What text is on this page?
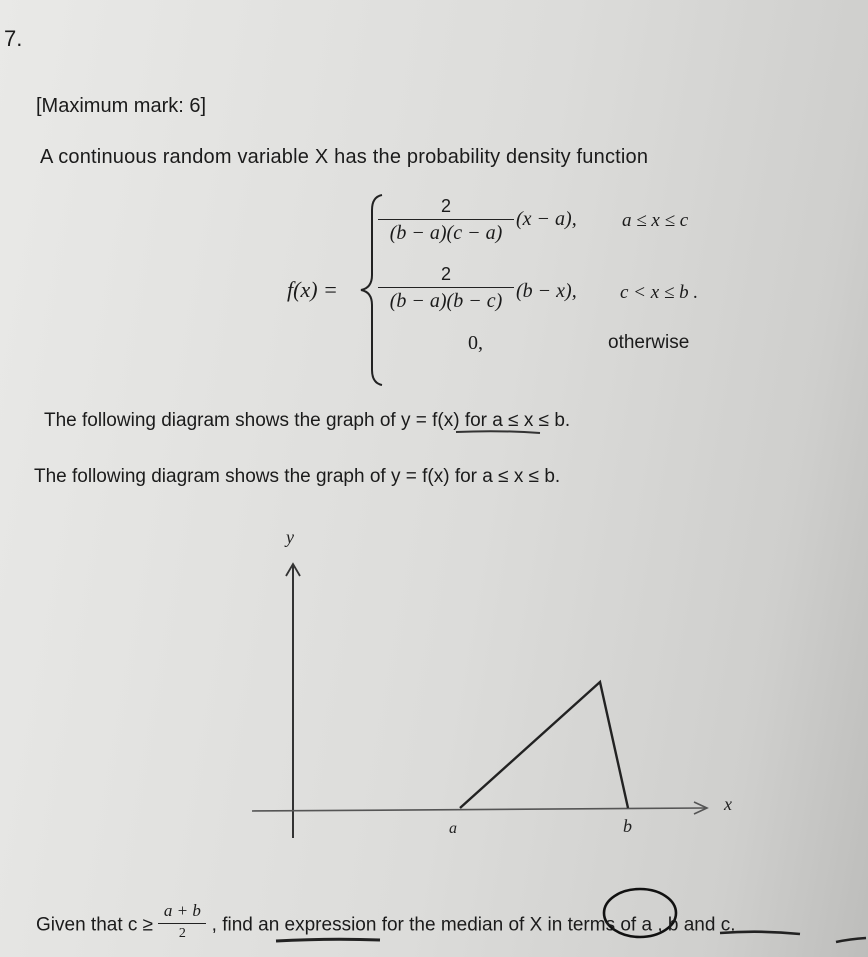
7.
[Maximum mark: 6]
A continuous random variable X has the probability density function
f(x) =
2
(b − a)(c − a)
(x − a), a ≤ x ≤ c
2
(b − a)(b − c) (b − x), c < x ≤ b .
0,	otherwise
The following diagram shows the graph of y = f(x) for a ≤ x ≤ b.
The following diagram shows the graph of y = f(x) for a ≤ x ≤ b.
y
x
a	b
Given that $c \ge \frac{a + b}{2}$ , find an expression for the median of X in terms of a , b and c.
